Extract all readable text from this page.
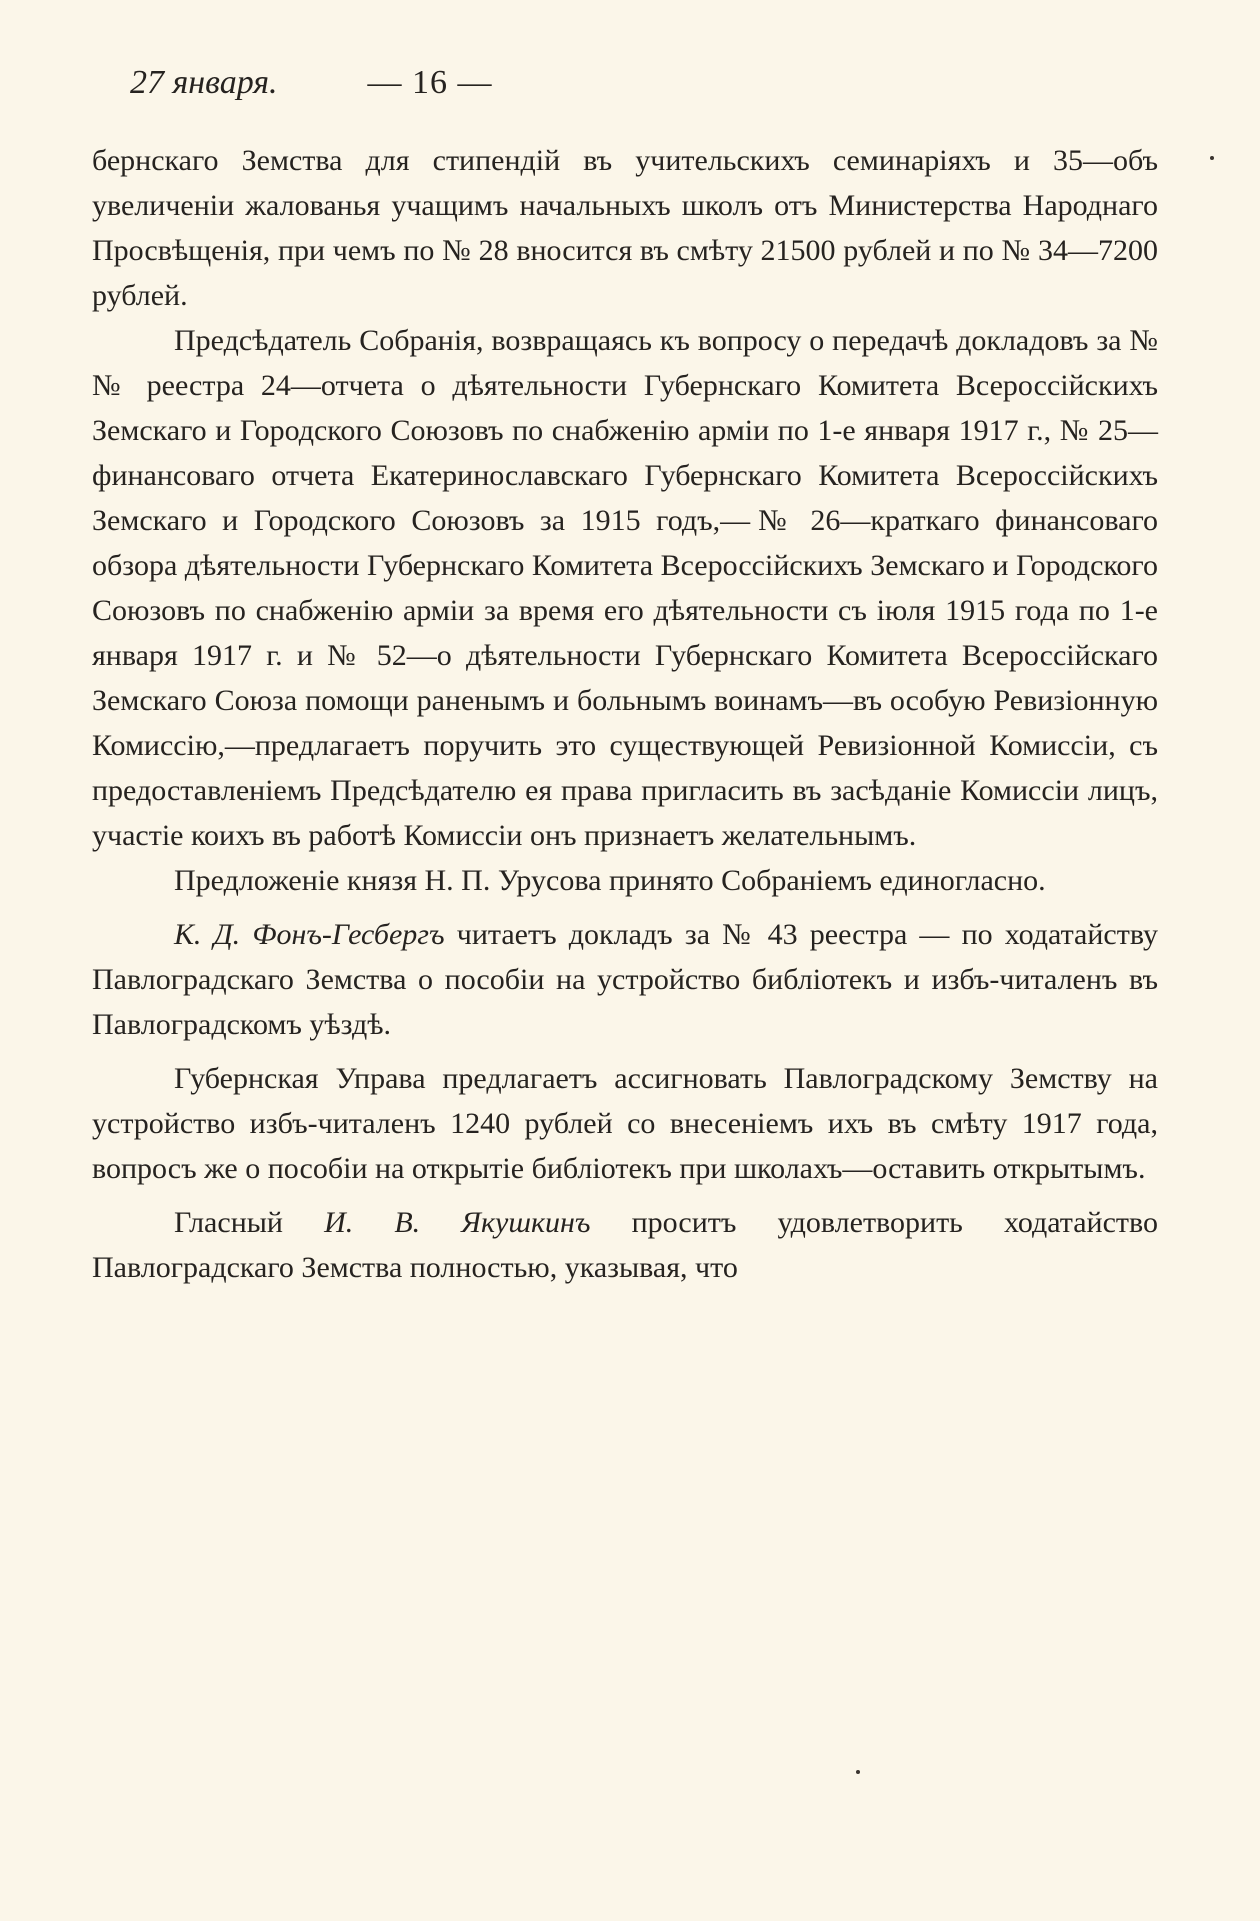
27 января.	— 16 —

бернскаго Земства для стипендій въ учительскихъ семинаріяхъ и 35—объ увеличеніи жалованья учащимъ начальныхъ школъ отъ Министерства Народнаго Просвѣщенія, при чемъ по № 28 вносится въ смѣту 21500 рублей и по № 34—7200 рублей.

Предсѣдатель Собранія, возвращаясь къ вопросу о передачѣ докладовъ за №№ реестра 24—отчета о дѣятельности Губернскаго Комитета Всероссійскихъ Земскаго и Городского Союзовъ по снабженію арміи по 1-е января 1917 г., № 25—финансоваго отчета Екатеринославскаго Губернскаго Комитета Всероссійскихъ Земскаго и Городского Союзовъ за 1915 годъ,—№ 26—краткаго финансоваго обзора дѣятельности Губернскаго Комитета Всероссійскихъ Земскаго и Городского Союзовъ по снабженію арміи за время его дѣятельности съ іюля 1915 года по 1-е января 1917 г. и № 52—о дѣятельности Губернскаго Комитета Всероссійскаго Земскаго Союза помощи раненымъ и больнымъ воинамъ—въ особую Ревизіонную Комиссію,—предлагаетъ поручить это существующей Ревизіонной Комиссіи, съ предоставленіемъ Предсѣдателю ея права пригласить въ засѣданіе Комиссіи лицъ, участіе коихъ въ работѣ Комиссіи онъ признаетъ желательнымъ.

Предложеніе князя Н. П. Урусова принято Собраніемъ единогласно.

К. Д. Фонъ-Гесбергъ читаетъ докладъ за № 43 реестра — по ходатайству Павлоградскаго Земства о пособіи на устройство библіотекъ и избъ-читаленъ въ Павлоградскомъ уѣздѣ.

Губернская Управа предлагаетъ ассигновать Павлоградскому Земству на устройство избъ-читаленъ 1240 рублей со внесеніемъ ихъ въ смѣту 1917 года, вопросъ же о пособіи на открытіе библіотекъ при школахъ—оставить открытымъ.

Гласный И. В. Якушкинъ проситъ удовлетворить ходатайство Павлоградскаго Земства полностью, указывая, что
